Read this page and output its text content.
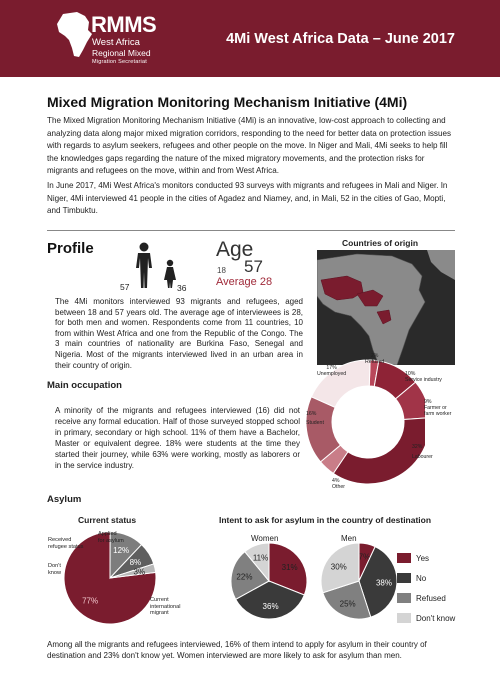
RMMS
West Africa
Regional Mixed
Migration Secretariat
4Mi West Africa Data – June 2017
Mixed Migration Monitoring Mechanism Initiative (4Mi)
The Mixed Migration Monitoring Mechanism Initiative (4Mi) is an innovative, low-cost approach to collecting and analyzing data along major mixed migration corridors, responding to the need for better data on protection issues with regards to asylum seekers, refugees and other people on the move. In Niger and Mali, 4Mi seeks to help fill the knowledges gaps regarding the nature of the mixed migratory movements, and the protection risks for migrants and refugees on the move, within and from West Africa.
In June 2017, 4Mi West Africa's monitors conducted 93 surveys with migrants and refugees in Mali and Niger. In Niger, 4Mi interviewed 41 people in the cities of Agadez and Niamey, and, in Mali, 52 in the cities of Gao, Mopti, and Timbuktu.
Profile
57	36
Age
18 57
Average 28
Countries of origin
The 4Mi monitors interviewed 93 migrants and refugees, aged between 18 and 57 years old. The average age of interviewees is 28, for both men and women. Respondents come from 11 countries, 10 from within West Africa and one from the Republic of the Congo. The 3 main countries of nationality are Burkina Faso, Senegal and Nigeria. Most of the migrants interviewed lived in an urban area in their country of origin.
Main occupation
A minority of the migrants and refugees interviewed (16) did not receive any formal education. Half of those surveyed stopped school in primary, secondary or high school. 11% of them have a Bachelor, Master or equivalent degree. 18% were students at the time they started their journey, while 63% were working, mostly as laborers or in the service industry.
2%
Refused
10%
Service industry
9%
Farmer or
farm worker
32%
Labourer
4%
Other
16%
Student
17%
Unemployed
Asylum
Current status	Intent to ask for asylum in the country of destination
77%
12%
8%
3%
Received
refugee status
Applied
for asylum
Don't
know
Current
international
migrant
Women	Men
31%
36%
22%
11%	7%
38%
25%
30%
Yes
No
Refused
Don't know
Among all the migrants and refugees interviewed, 16% of them intend to apply for asylum in their country of destination and 23% don't know yet. Women interviewed are more likely to ask for asylum than men.
